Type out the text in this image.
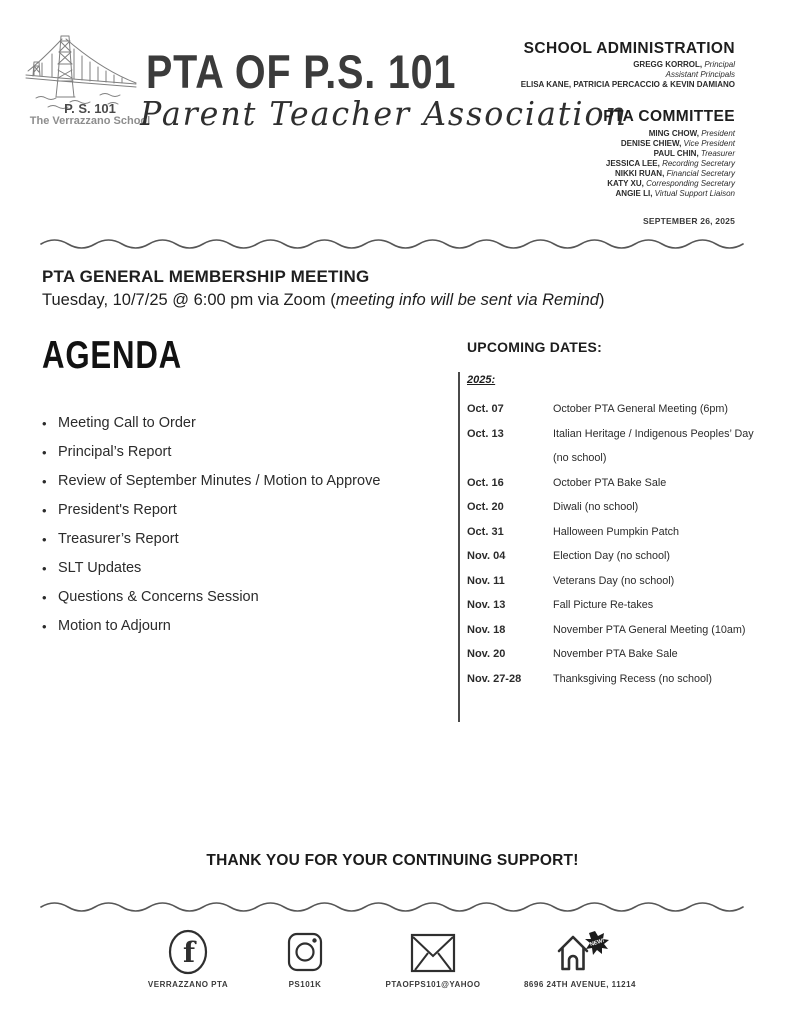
P. S. 101
The Verrazzano School
PTA OF P.S. 101
Parent Teacher Association
SCHOOL ADMINISTRATION
GREGG KORROL, Principal
Assistant Principals
ELISA KANE, PATRICIA PERCACCIO & KEVIN DAMIANO
PTA COMMITTEE
MING CHOW, President
DENISE CHIEW, Vice President
PAUL CHIN, Treasurer
JESSICA LEE, Recording Secretary
NIKKI RUAN, Financial Secretary
KATY XU, Corresponding Secretary
ANGIE LI, Virtual Support Liaison
SEPTEMBER 26, 2025
PTA GENERAL MEMBERSHIP MEETING
Tuesday, 10/7/25 @ 6:00 pm via Zoom (meeting info will be sent via Remind)
AGENDA
• Meeting Call to Order
• Principal’s Report
• Review of September Minutes / Motion to Approve
• President's Report
• Treasurer’s Report
• SLT Updates
• Questions & Concerns Session
• Motion to Adjourn
UPCOMING DATES:
2025:
Oct. 07	October PTA General Meeting (6pm)
Oct. 13	Italian Heritage / Indigenous Peoples’ Day
(no school)
Oct. 16	October PTA Bake Sale
Oct. 20	Diwali (no school)
Oct. 31	Halloween Pumpkin Patch
Nov. 04	Election Day (no school)
Nov. 11	Veterans Day (no school)
Nov. 13	Fall Picture Re-takes
Nov. 18	November PTA General Meeting (10am)
Nov. 20	November PTA Bake Sale
Nov. 27-28	Thanksgiving Recess (no school)
THANK YOU FOR YOUR CONTINUING SUPPORT!
f
VERRAZZANO PTA	PS101K	PTAOFPS101@YAHOO
NEW!
8696 24TH AVENUE, 11214
